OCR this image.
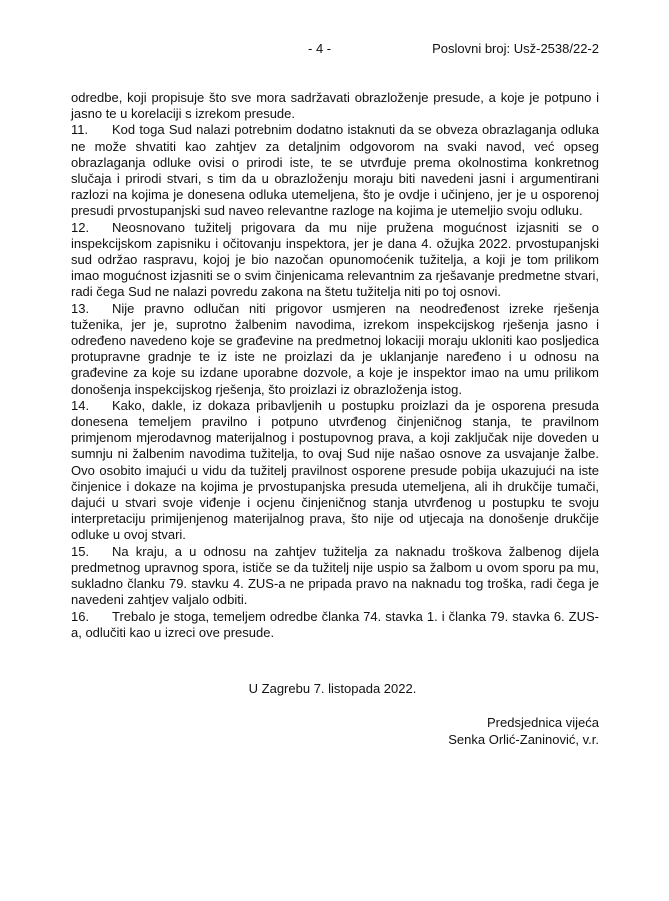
- 4 -	Poslovni broj: Usž-2538/22-2

odredbe, koji propisuje što sve mora sadržavati obrazloženje presude, a koje je potpuno i jasno te u korelaciji s izrekom presude.

11. Kod toga Sud nalazi potrebnim dodatno istaknuti da se obveza obrazlaganja odluka ne može shvatiti kao zahtjev za detaljnim odgovorom na svaki navod, već opseg obrazlaganja odluke ovisi o prirodi iste, te se utvrđuje prema okolnostima konkretnog slučaja i prirodi stvari, s tim da u obrazloženju moraju biti navedeni jasni i argumentirani razlozi na kojima je donesena odluka utemeljena, što je ovdje i učinjeno, jer je u osporenoj presudi prvostupanjski sud naveo relevantne razloge na kojima je utemeljio svoju odluku.

12. Neosnovano tužitelj prigovara da mu nije pružena mogućnost izjasniti se o inspekcijskom zapisniku i očitovanju inspektora, jer je dana 4. ožujka 2022. prvostupanjski sud održao raspravu, kojoj je bio nazočan opunomoćenik tužitelja, a koji je tom prilikom imao mogućnost izjasniti se o svim činjenicama relevantnim za rješavanje predmetne stvari, radi čega Sud ne nalazi povredu zakona na štetu tužitelja niti po toj osnovi.

13. Nije pravno odlučan niti prigovor usmjeren na neodređenost izreke rješenja tuženika, jer je, suprotno žalbenim navodima, izrekom inspekcijskog rješenja jasno i određeno navedeno koje se građevine na predmetnoj lokaciji moraju ukloniti kao posljedica protupravne gradnje te iz iste ne proizlazi da je uklanjanje naređeno i u odnosu na građevine za koje su izdane uporabne dozvole, a koje je inspektor imao na umu prilikom donošenja inspekcijskog rješenja, što proizlazi iz obrazloženja istog.

14. Kako, dakle, iz dokaza pribavljenih u postupku proizlazi da je osporena presuda donesena temeljem pravilno i potpuno utvrđenog činjeničnog stanja, te pravilnom primjenom mjerodavnog materijalnog i postupovnog prava, a koji zaključak nije doveden u sumnju ni žalbenim navodima tužitelja, to ovaj Sud nije našao osnove za usvajanje žalbe. Ovo osobito imajući u vidu da tužitelj pravilnost osporene presude pobija ukazujući na iste činjenice i dokaze na kojima je prvostupanjska presuda utemeljena, ali ih drukčije tumači, dajući u stvari svoje viđenje i ocjenu činjeničnog stanja utvrđenog u postupku te svoju interpretaciju primijenjenog materijalnog prava, što nije od utjecaja na donošenje drukčije odluke u ovoj stvari.

15. Na kraju, a u odnosu na zahtjev tužitelja za naknadu troškova žalbenog dijela predmetnog upravnog spora, ističe se da tužitelj nije uspio sa žalbom u ovom sporu pa mu, sukladno članku 79. stavku 4. ZUS-a ne pripada pravo na naknadu tog troška, radi čega je navedeni zahtjev valjalo odbiti.

16. Trebalo je stoga, temeljem odredbe članka 74. stavka 1. i članka 79. stavka 6. ZUS-a, odlučiti kao u izreci ove presude.

U Zagrebu 7. listopada 2022.
Predsjednica vijeća
Senka Orlić-Zaninović, v.r.
